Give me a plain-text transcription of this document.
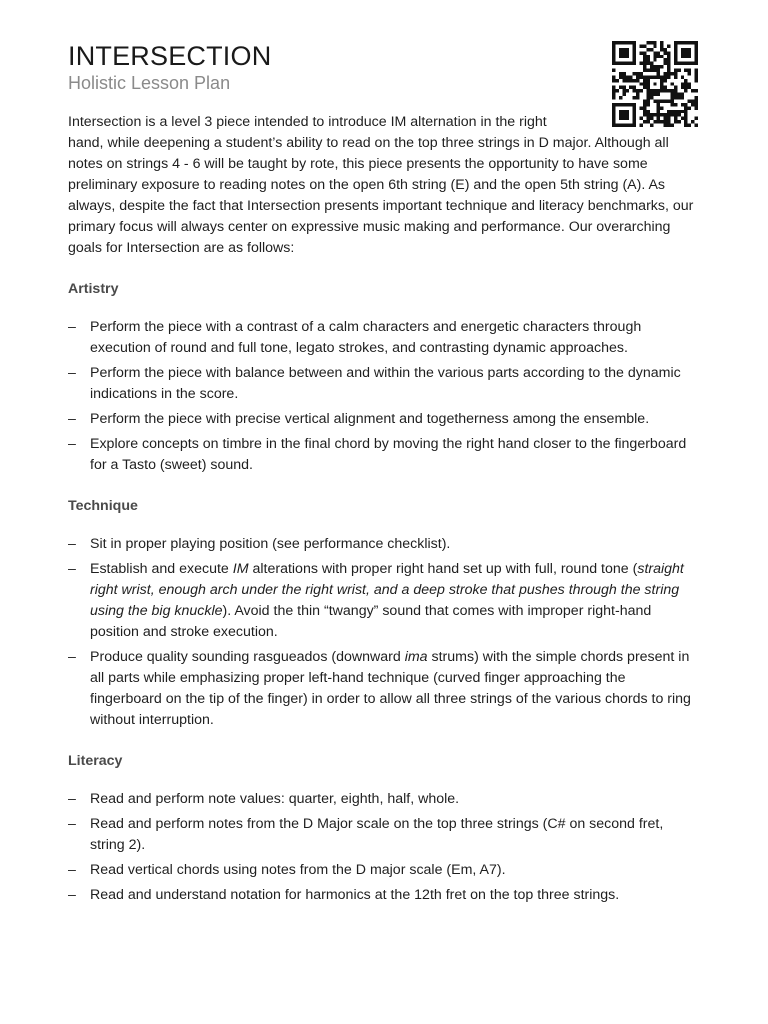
INTERSECTION
Holistic Lesson Plan

Intersection is a level 3 piece intended to introduce IM alternation in the right
hand, while deepening a student’s ability to read on the top three strings in D major. Although all notes on strings 4 - 6 will be taught by rote, this piece presents the opportunity to have some preliminary exposure to reading notes on the open 6th string (E) and the open 5th string (A). As always, despite the fact that Intersection presents important technique and literacy benchmarks, our primary focus will always center on expressive music making and performance. Our overarching goals for Intersection are as follows:

Artistry
– Perform the piece with a contrast of a calm characters and energetic characters through execution of round and full tone, legato strokes, and contrasting dynamic approaches.
– Perform the piece with balance between and within the various parts according to the dynamic indications in the score.
– Perform the piece with precise vertical alignment and togetherness among the ensemble.
– Explore concepts on timbre in the final chord by moving the right hand closer to the fingerboard for a Tasto (sweet) sound.
Technique
– Sit in proper playing position (see performance checklist).
– Establish and execute IM alterations with proper right hand set up with full, round tone (straight right wrist, enough arch under the right wrist, and a deep stroke that pushes through the string using the big knuckle). Avoid the thin “twangy” sound that comes with improper right-hand position and stroke execution.
– Produce quality sounding rasgueados (downward ima strums) with the simple chords present in all parts while emphasizing proper left-hand technique (curved finger approaching the fingerboard on the tip of the finger) in order to allow all three strings of the various chords to ring without interruption.
Literacy
– Read and perform note values: quarter, eighth, half, whole.
– Read and perform notes from the D Major scale on the top three strings (C# on second fret, string 2).
– Read vertical chords using notes from the D major scale (Em, A7).
– Read and understand notation for harmonics at the 12th fret on the top three strings.
